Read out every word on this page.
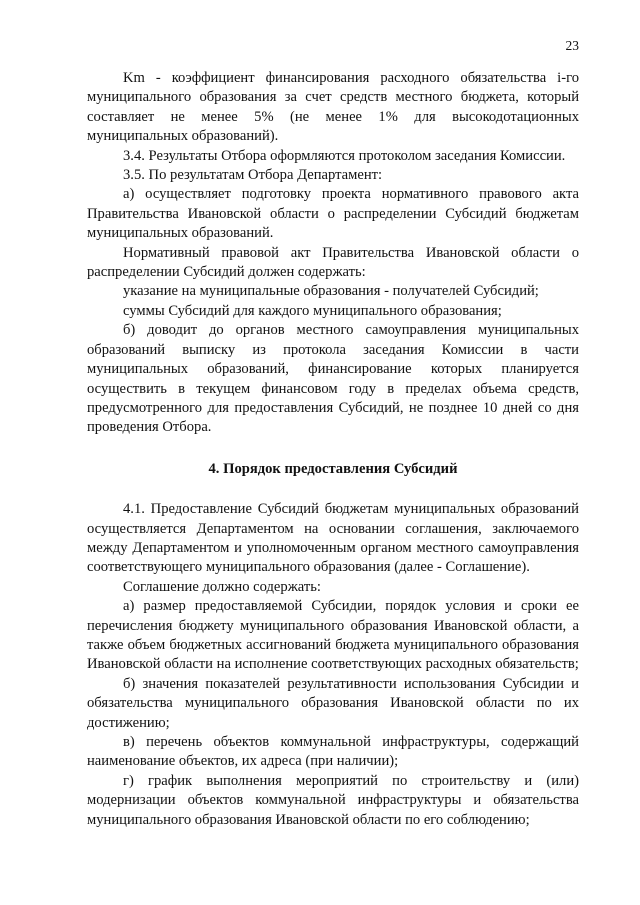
23

Km - коэффициент финансирования расходного обязательства i-го муниципального образования за счет средств местного бюджета, который составляет не менее 5% (не менее 1% для высокодотационных муниципальных образований).

3.4. Результаты Отбора оформляются протоколом заседания Комиссии.

3.5. По результатам Отбора Департамент:

а) осуществляет подготовку проекта нормативного правового акта Правительства Ивановской области о распределении Субсидий бюджетам муниципальных образований.

Нормативный правовой акт Правительства Ивановской области о распределении Субсидий должен содержать:

указание на муниципальные образования - получателей Субсидий;

суммы Субсидий для каждого муниципального образования;

б) доводит до органов местного самоуправления муниципальных образований выписку из протокола заседания Комиссии в части муниципальных образований, финансирование которых планируется осуществить в текущем финансовом году в пределах объема средств, предусмотренного для предоставления Субсидий, не позднее 10 дней со дня проведения Отбора.

4. Порядок предоставления Субсидий

4.1. Предоставление Субсидий бюджетам муниципальных образований осуществляется Департаментом на основании соглашения, заключаемого между Департаментом и уполномоченным органом местного самоуправления соответствующего муниципального образования (далее - Соглашение).

Соглашение должно содержать:

а) размер предоставляемой Субсидии, порядок условия и сроки ее перечисления бюджету муниципального образования Ивановской области, а также объем бюджетных ассигнований бюджета муниципального образования Ивановской области на исполнение соответствующих расходных обязательств;

б) значения показателей результативности использования Субсидии и обязательства муниципального образования Ивановской области по их достижению;

в) перечень объектов коммунальной инфраструктуры, содержащий наименование объектов, их адреса (при наличии);

г) график выполнения мероприятий по строительству и (или) модернизации объектов коммунальной инфраструктуры и обязательства муниципального образования Ивановской области по его соблюдению;
